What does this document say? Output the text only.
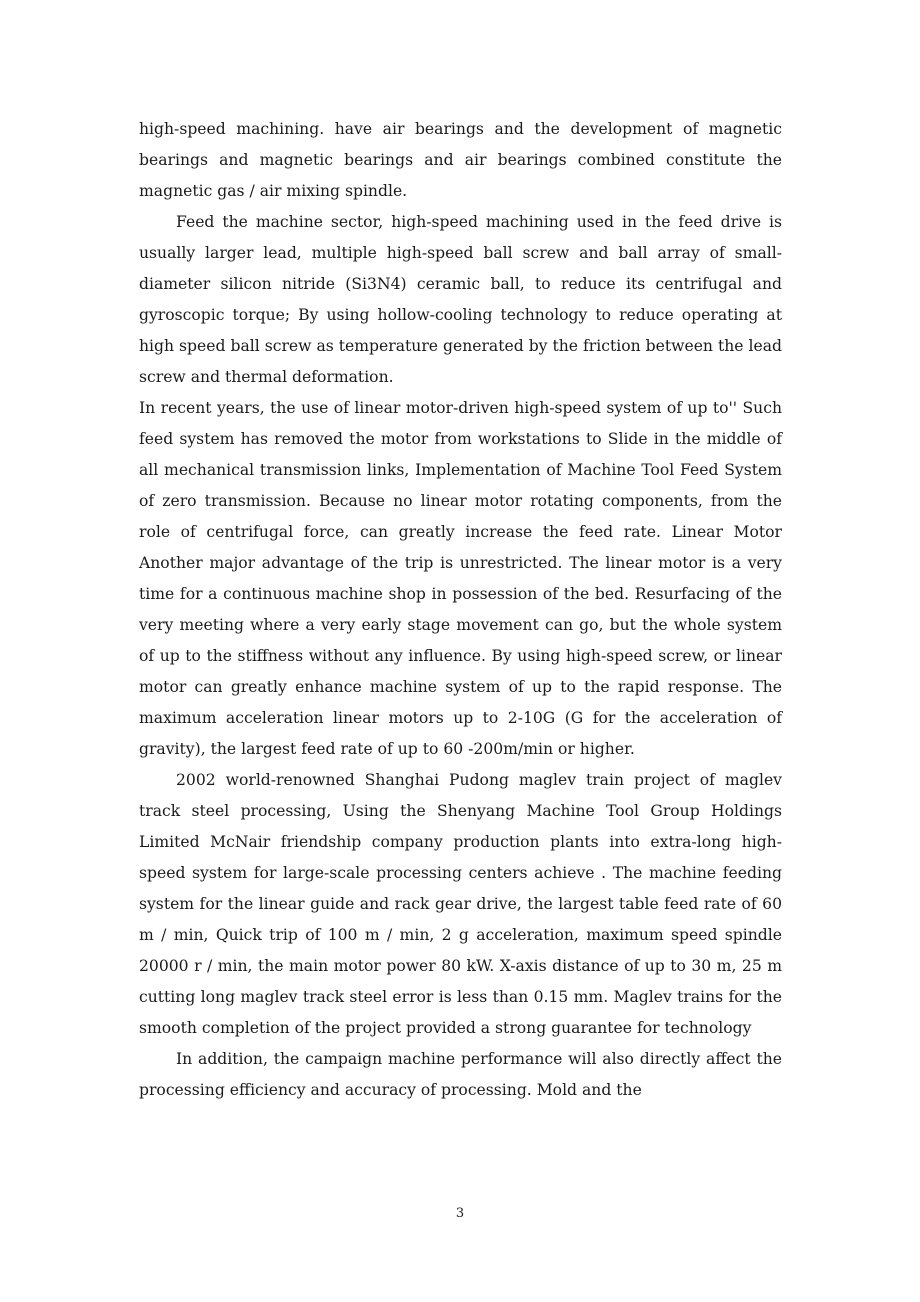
high-speed machining. have air bearings and the development of magnetic bearings and magnetic bearings and air bearings combined constitute the magnetic gas / air mixing spindle.

Feed the machine sector, high-speed machining used in the feed drive is usually larger lead, multiple high-speed ball screw and ball array of small-diameter silicon nitride (Si3N4) ceramic ball, to reduce its centrifugal and gyroscopic torque; By using hollow-cooling technology to reduce operating at high speed ball screw as temperature generated by the friction between the lead screw and thermal deformation.

In recent years, the use of linear motor-driven high-speed system of up to'' Such feed system has removed the motor from workstations to Slide in the middle of all mechanical transmission links, Implementation of Machine Tool Feed System of zero transmission. Because no linear motor rotating components, from the role of centrifugal force, can greatly increase the feed rate. Linear Motor Another major advantage of the trip is unrestricted. The linear motor is a very time for a continuous machine shop in possession of the bed. Resurfacing of the very meeting where a very early stage movement can go, but the whole system of up to the stiffness without any influence. By using high-speed screw, or linear motor can greatly enhance machine system of up to the rapid response. The maximum acceleration linear motors up to 2-10G (G for the acceleration of gravity), the largest feed rate of up to 60 -200m/min or higher.

2002 world-renowned Shanghai Pudong maglev train project of maglev track steel processing, Using the Shenyang Machine Tool Group Holdings Limited McNair friendship company production plants into extra-long high-speed system for large-scale processing centers achieve . The machine feeding system for the linear guide and rack gear drive, the largest table feed rate of 60 m / min, Quick trip of 100 m / min, 2 g acceleration, maximum speed spindle 20000 r / min, the main motor power 80 kW. X-axis distance of up to 30 m, 25 m cutting long maglev track steel error is less than 0.15 mm. Maglev trains for the smooth completion of the project provided a strong guarantee for technology

In addition, the campaign machine performance will also directly affect the processing efficiency and accuracy of processing. Mold and the

3
